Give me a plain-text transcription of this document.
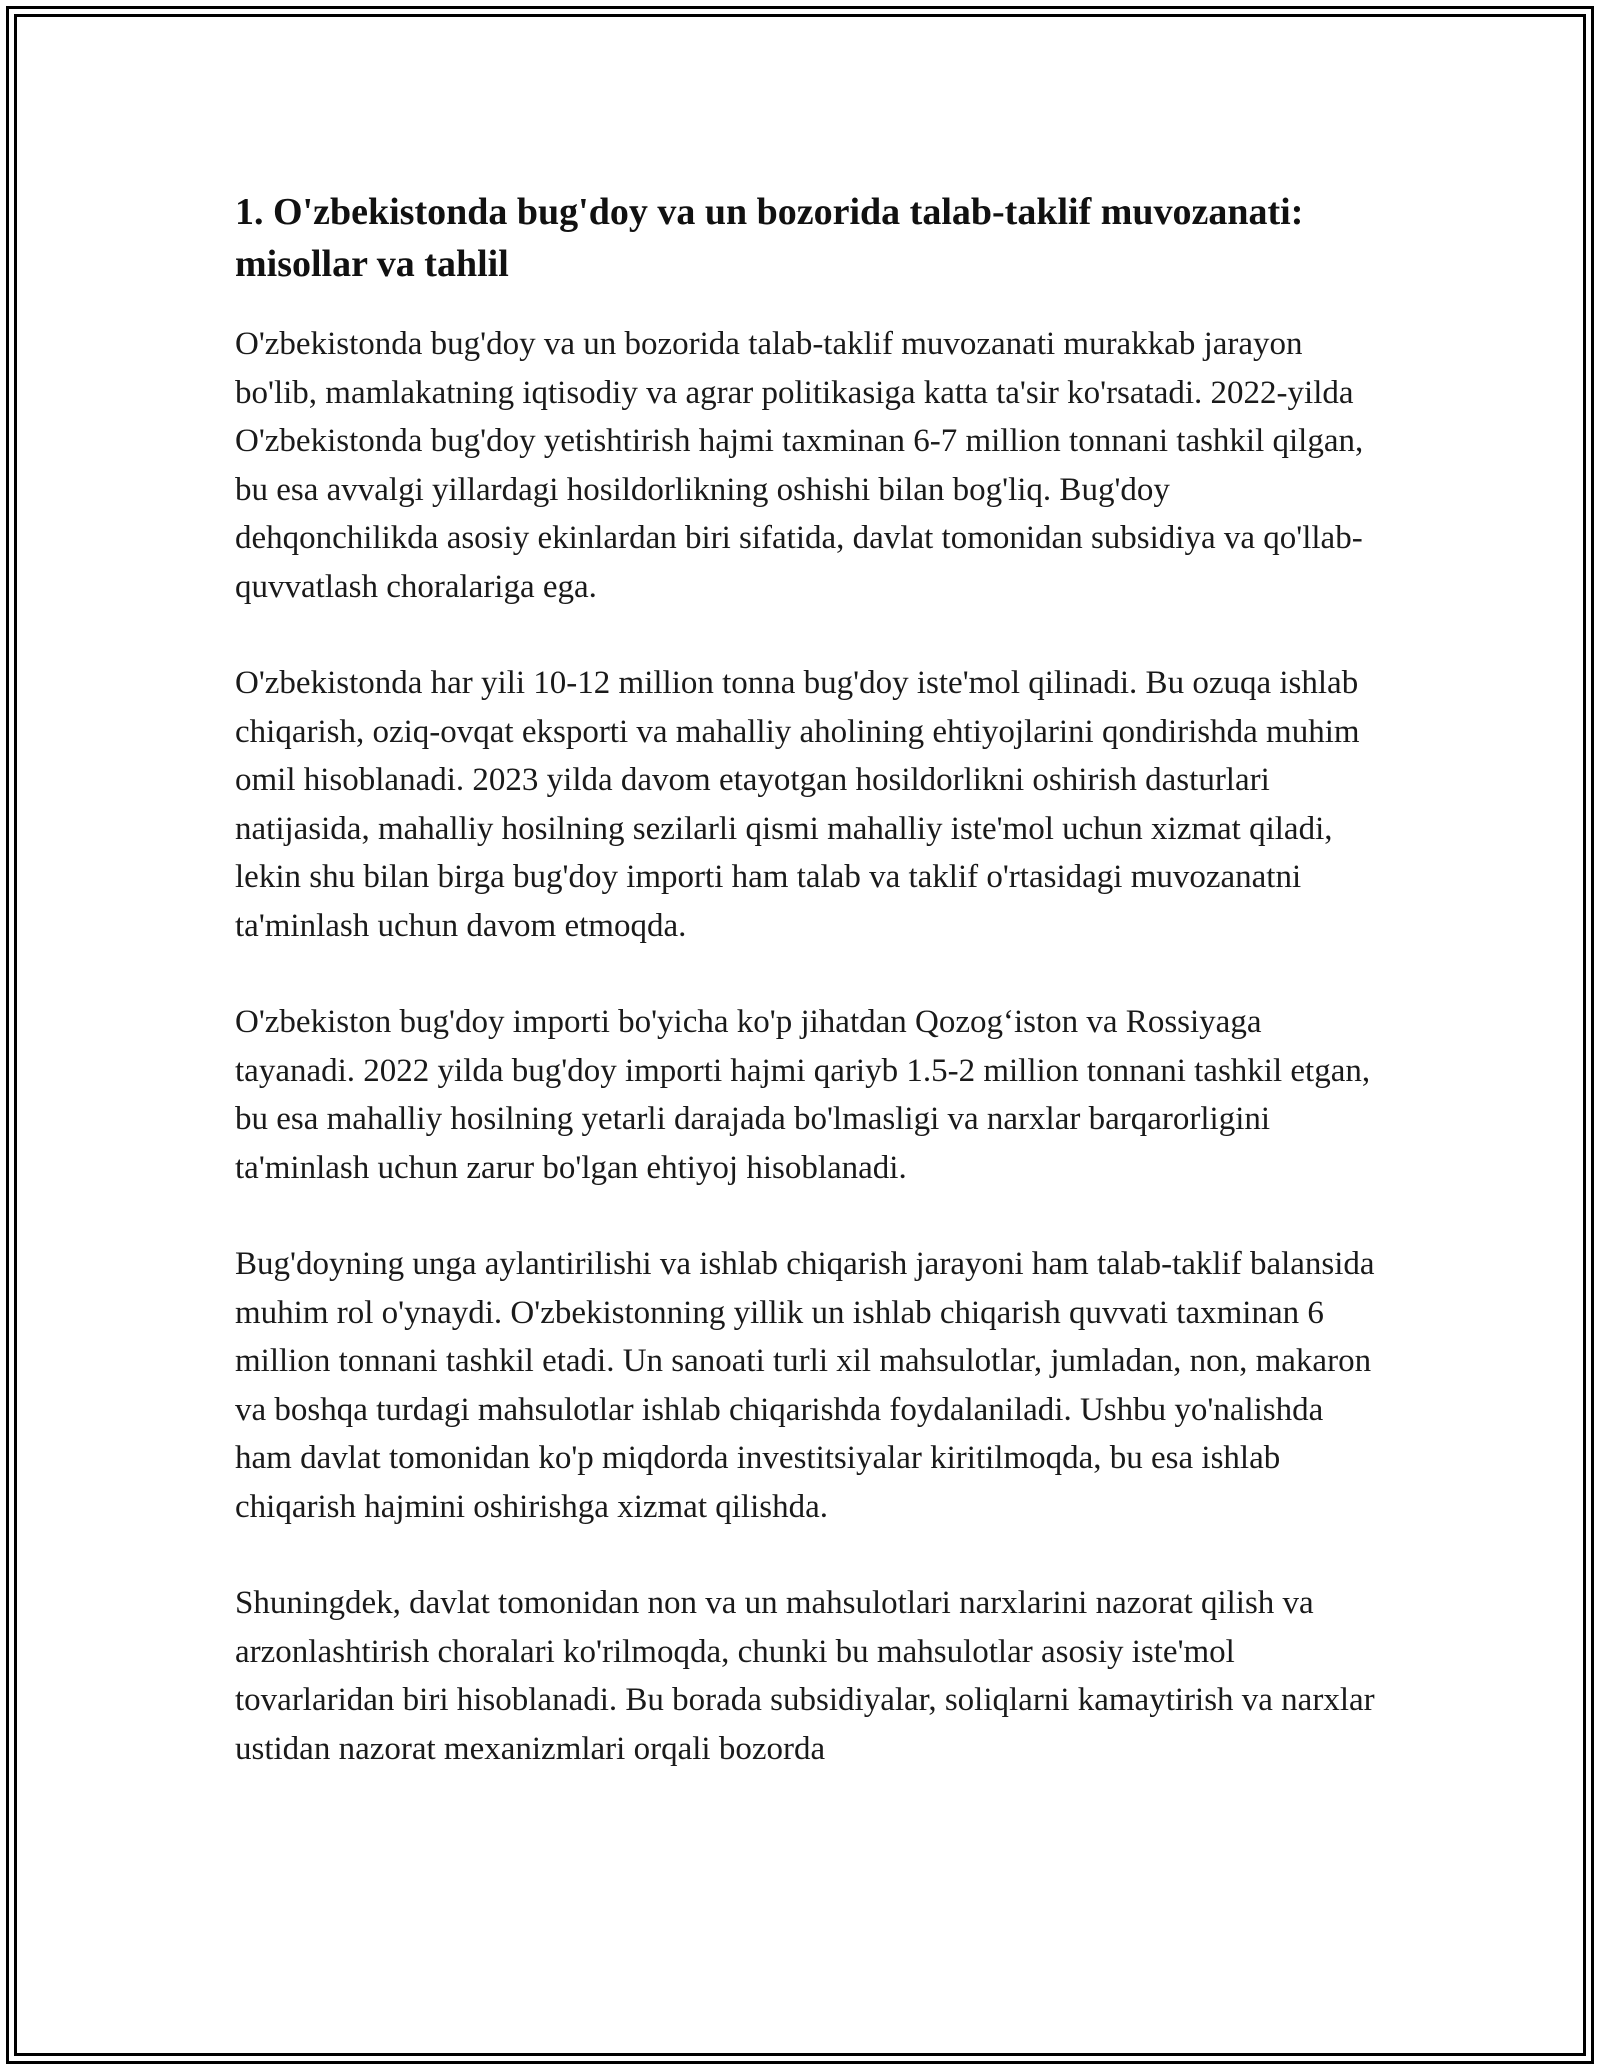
1. O'zbekistonda bug'doy va un bozorida talab-taklif muvozanati: misollar va tahlil

O'zbekistonda bug'doy va un bozorida talab-taklif muvozanati murakkab jarayon bo'lib, mamlakatning iqtisodiy va agrar politikasiga katta ta'sir ko'rsatadi. 2022-yilda O'zbekistonda bug'doy yetishtirish hajmi taxminan 6-7 million tonnani tashkil qilgan, bu esa avvalgi yillardagi hosildorlikning oshishi bilan bog'liq. Bug'doy dehqonchilikda asosiy ekinlardan biri sifatida, davlat tomonidan subsidiya va qo'llab-quvvatlash choralariga ega.

O'zbekistonda har yili 10-12 million tonna bug'doy iste'mol qilinadi. Bu ozuqa ishlab chiqarish, oziq-ovqat eksporti va mahalliy aholining ehtiyojlarini qondirishda muhim omil hisoblanadi. 2023 yilda davom etayotgan hosildorlikni oshirish dasturlari natijasida, mahalliy hosilning sezilarli qismi mahalliy iste'mol uchun xizmat qiladi, lekin shu bilan birga bug'doy importi ham talab va taklif o'rtasidagi muvozanatni ta'minlash uchun davom etmoqda.

O'zbekiston bug'doy importi bo'yicha ko'p jihatdan Qozog‘iston va Rossiyaga tayanadi. 2022 yilda bug'doy importi hajmi qariyb 1.5-2 million tonnani tashkil etgan, bu esa mahalliy hosilning yetarli darajada bo'lmasligi va narxlar barqarorligini ta'minlash uchun zarur bo'lgan ehtiyoj hisoblanadi.

Bug'doyning unga aylantirilishi va ishlab chiqarish jarayoni ham talab-taklif balansida muhim rol o'ynaydi. O'zbekistonning yillik un ishlab chiqarish quvvati taxminan 6 million tonnani tashkil etadi. Un sanoati turli xil mahsulotlar, jumladan, non, makaron va boshqa turdagi mahsulotlar ishlab chiqarishda foydalaniladi. Ushbu yo'nalishda ham davlat tomonidan ko'p miqdorda investitsiyalar kiritilmoqda, bu esa ishlab chiqarish hajmini oshirishga xizmat qilishda.

Shuningdek, davlat tomonidan non va un mahsulotlari narxlarini nazorat qilish va arzonlashtirish choralari ko'rilmoqda, chunki bu mahsulotlar asosiy iste'mol tovarlaridan biri hisoblanadi. Bu borada subsidiyalar, soliqlarni kamaytirish va narxlar ustidan nazorat mexanizmlari orqali bozorda
